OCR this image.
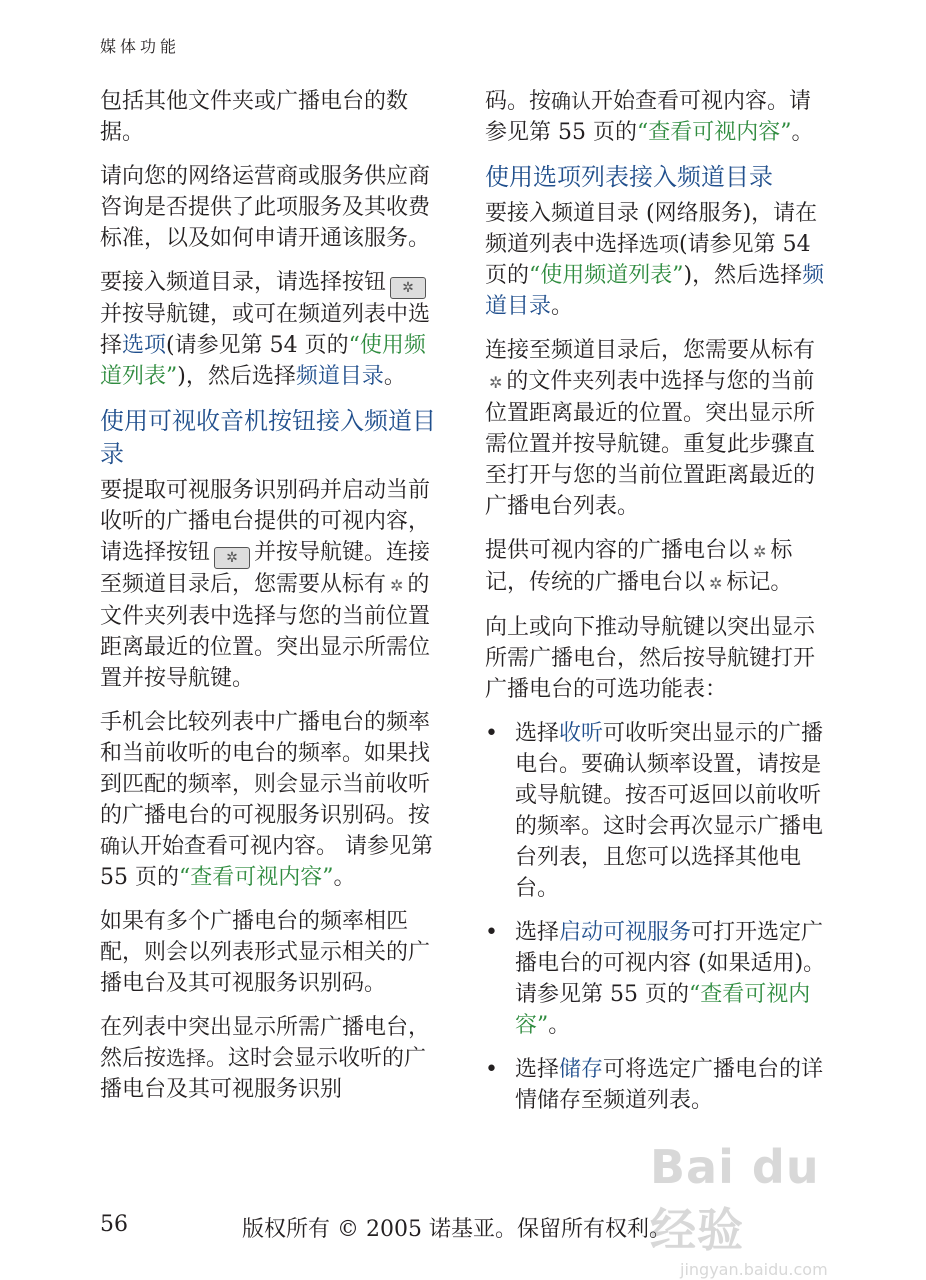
媒体功能

包括其他文件夹或广播电台的数据。

请向您的网络运营商或服务供应商咨询是否提供了此项服务及其收费标准，以及如何申请开通该服务。

要接入频道目录，请选择按钮 ✲并按导航键，或可在频道列表中选择选项(请参见第 54 页的“使用频道列表”)，然后选择频道目录。

使用可视收音机按钮接入频道目录

要提取可视服务识别码并启动当前收听的广播电台提供的可视内容，请选择按钮 ✲ 并按导航键。连接至频道目录后，您需要从标有 ✲ 的文件夹列表中选择与您的当前位置距离最近的位置。突出显示所需位置并按导航键。

手机会比较列表中广播电台的频率和当前收听的电台的频率。如果找到匹配的频率，则会显示当前收听的广播电台的可视服务识别码。按确认开始查看可视内容。 请参见第 55 页的“查看可视内容”。

如果有多个广播电台的频率相匹配，则会以列表形式显示相关的广播电台及其可视服务识别码。

在列表中突出显示所需广播电台，然后按选择。这时会显示收听的广播电台及其可视服务识别

码。按确认开始查看可视内容。请参见第 55 页的“查看可视内容”。

使用选项列表接入频道目录

要接入频道目录 (网络服务)，请在频道列表中选择选项(请参见第 54 页的“使用频道列表”)，然后选择频道目录。

连接至频道目录后，您需要从标有✲ 的文件夹列表中选择与您的当前位置距离最近的位置。突出显示所需位置并按导航键。重复此步骤直至打开与您的当前位置距离最近的广播电台列表。

提供可视内容的广播电台以 ✲ 标记，传统的广播电台以 ✲ 标记。

向上或向下推动导航键以突出显示所需广播电台，然后按导航键打开广播电台的可选功能表：

• 选择收听可收听突出显示的广播电台。要确认频率设置，请按是或导航键。按否可返回以前收听的频率。这时会再次显示广播电台列表，且您可以选择其他电台。
• 选择启动可视服务可打开选定广播电台的可视内容 (如果适用)。 请参见第 55 页的“查看可视内容”。
• 选择储存可将选定广播电台的详情储存至频道列表。
Bai du 经验
jingyan.baidu.com
56	版权所有 © 2005 诺基亚。保留所有权利。
